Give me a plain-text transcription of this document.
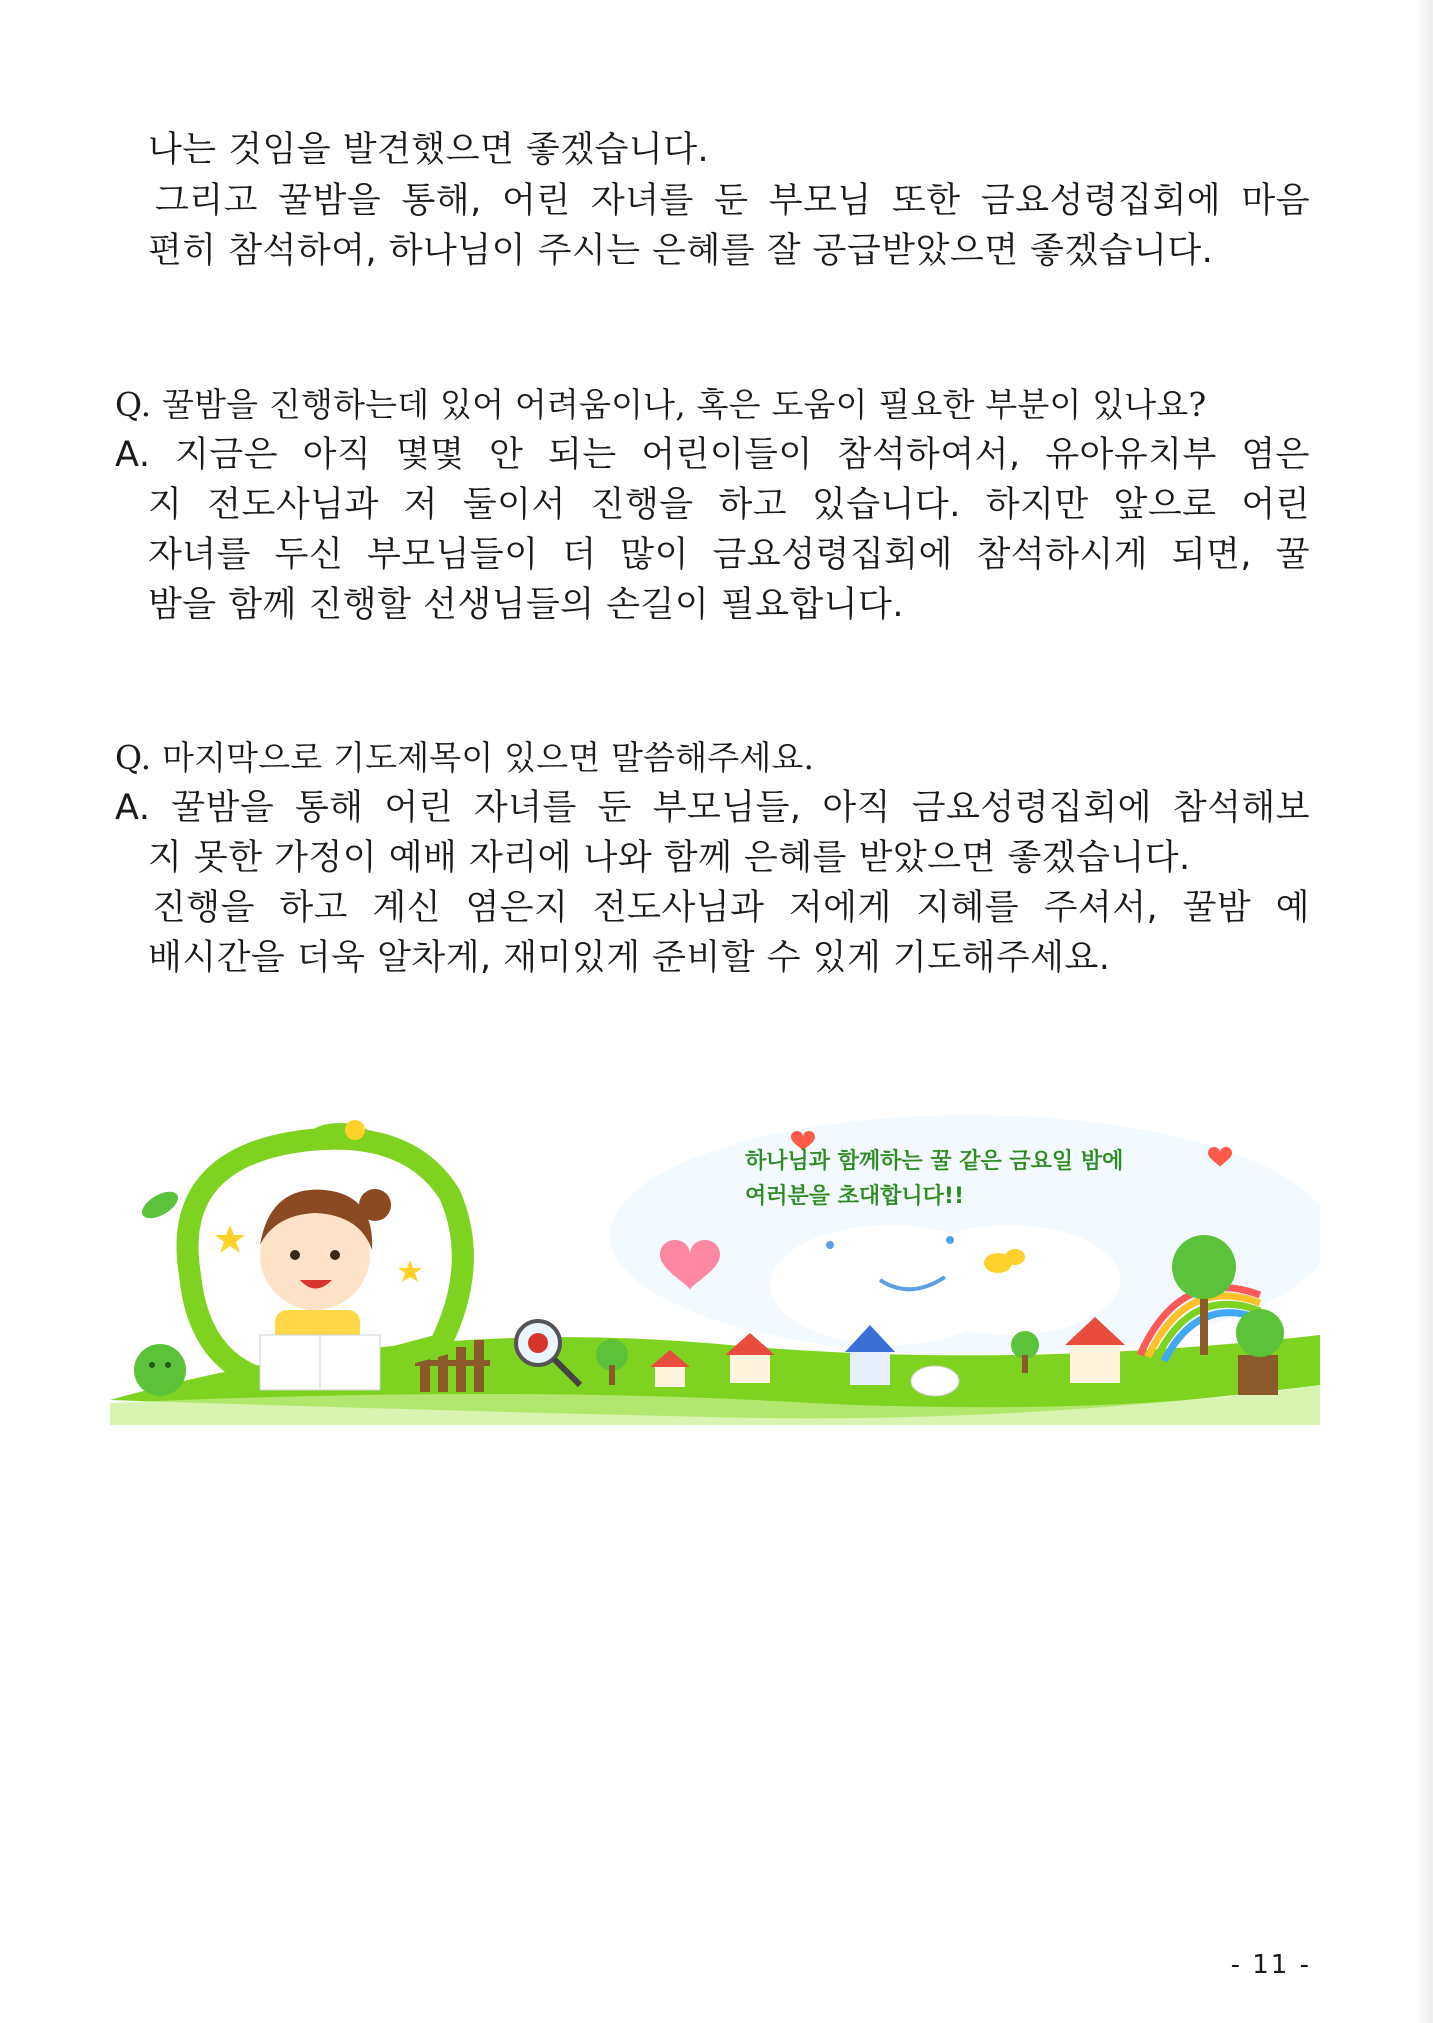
나는 것임을 발견했으면 좋겠습니다.
그리고 꿀밤을 통해, 어린 자녀를 둔 부모님 또한 금요성령집회에 마음
편히 참석하여, 하나님이 주시는 은혜를 잘 공급받았으면 좋겠습니다.
Q. 꿀밤을 진행하는데 있어 어려움이나, 혹은 도움이 필요한 부분이 있나요?
A. 지금은 아직 몇몇 안 되는 어린이들이 참석하여서, 유아유치부 염은
지 전도사님과 저 둘이서 진행을 하고 있습니다. 하지만 앞으로 어린
자녀를 두신 부모님들이 더 많이 금요성령집회에 참석하시게 되면, 꿀
밤을 함께 진행할 선생님들의 손길이 필요합니다.
Q. 마지막으로 기도제목이 있으면 말씀해주세요.
A. 꿀밤을 통해 어린 자녀를 둔 부모님들, 아직 금요성령집회에 참석해보
지 못한 가정이 예배 자리에 나와 함께 은혜를 받았으면 좋겠습니다.
진행을 하고 계신 염은지 전도사님과 저에게 지혜를 주셔서, 꿀밤 예
배시간을 더욱 알차게, 재미있게 준비할 수 있게 기도해주세요.
하나님과 함께하는 꿀 같은 금요일 밤에
여러분을 초대합니다!!
- 11 -
